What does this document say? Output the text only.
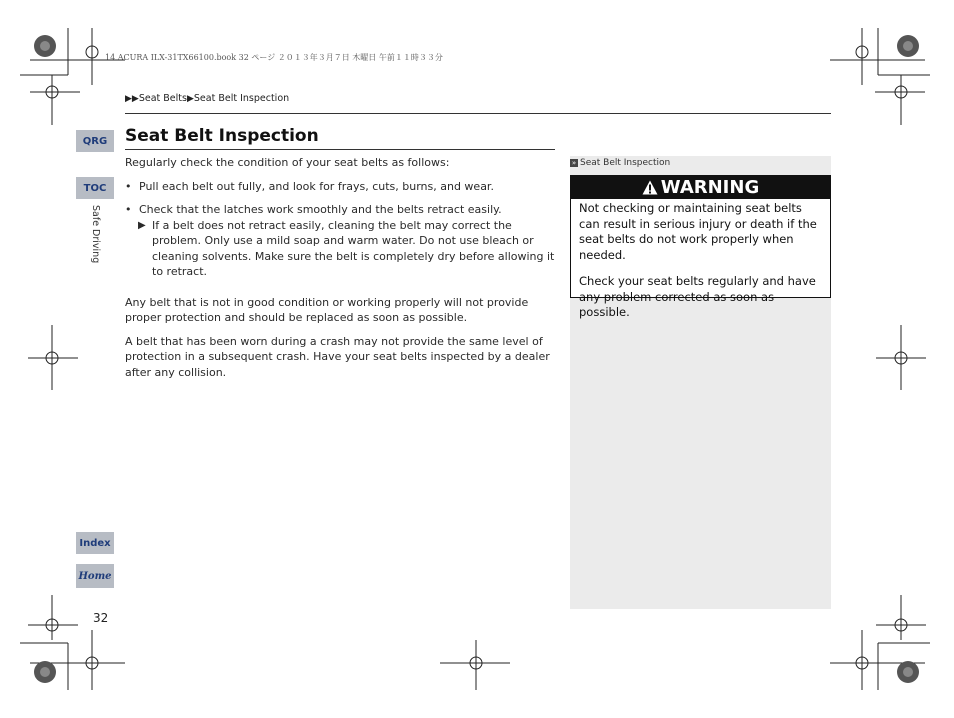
14 ACURA ILX-31TX66100.book 32 ページ ２０１３年３月７日 木曜日 午前１１時３３分
▶▶Seat Belts▶Seat Belt Inspection
QRG
TOC
Safe Driving
Index
Home
32
Seat Belt Inspection

Regularly check the condition of your seat belts as follows:

• Pull each belt out fully, and look for frays, cuts, burns, and wear.

• Check that the latches work smoothly and the belts retract easily.

▶ If a belt does not retract easily, cleaning the belt may correct the problem. Only use a mild soap and warm water. Do not use bleach or cleaning solvents. Make sure the belt is completely dry before allowing it to retract.

Any belt that is not in good condition or working properly will not provide proper protection and should be replaced as soon as possible.

A belt that has been worn during a crash may not provide the same level of protection in a subsequent crash. Have your seat belts inspected by a dealer after any collision.

» Seat Belt Inspection
WARNING

Not checking or maintaining seat belts can result in serious injury or death if the seat belts do not work properly when needed.

Check your seat belts regularly and have any problem corrected as soon as possible.
